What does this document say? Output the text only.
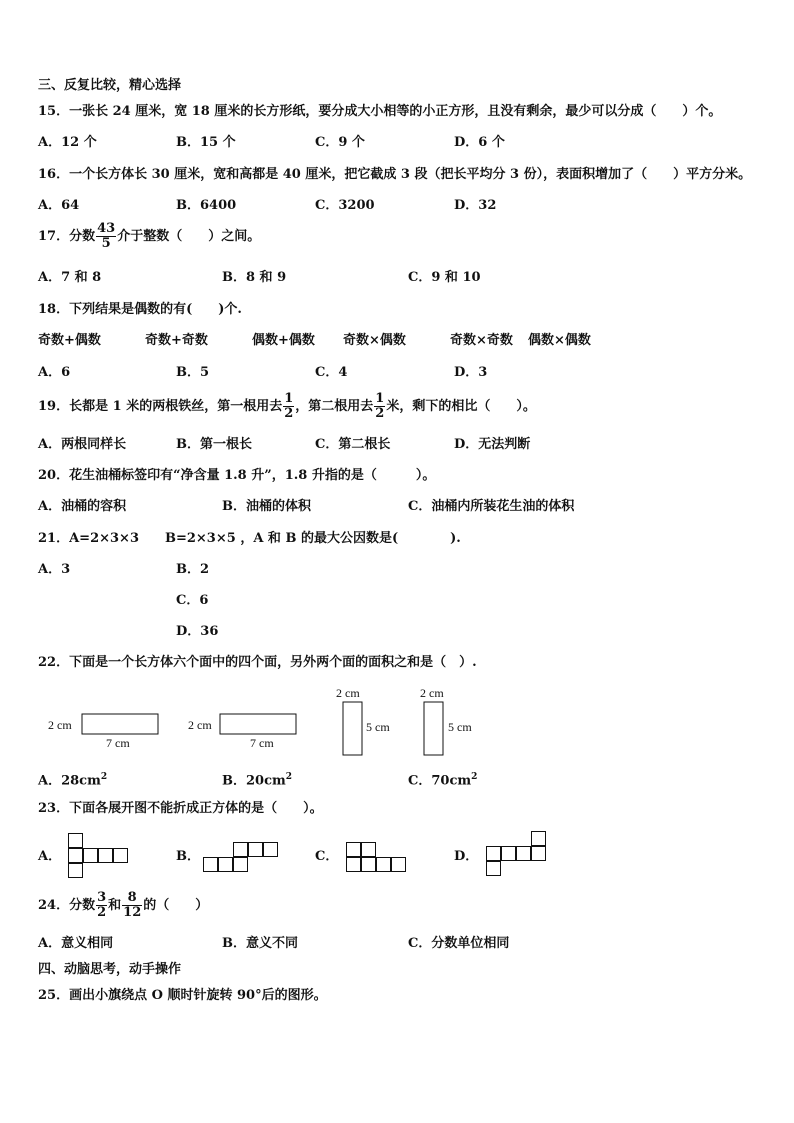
三、反复比较，精心选择
15．一张长 24 厘米，宽 18 厘米的长方形纸，要分成大小相等的小正方形，且没有剩余，最少可以分成（　　）个。
A．12 个	B．15 个	C．9 个	D．6 个
16．一个长方体长 30 厘米，宽和高都是 40 厘米，把它截成 3 段（把长平均分 3 份），表面积增加了（　　）平方分米。
A．64	B．6400	C．3200	D．32
17．分数 $\frac{43}{5}$ 介于整数（　　）之间。
A．7 和 8	B．8 和 9	C．9 和 10
18．下列结果是偶数的有(　　)个.
奇数+偶数	奇数+奇数	偶数+偶数 奇数×偶数	奇数×奇数 偶数×偶数
A．6	B．5	C．4	D．3
19．长都是 1 米的两根铁丝，第一根用去 $\frac{1}{2}$ ，第二根用去 $\frac{1}{2}$ 米，剩下的相比（　　）。
A．两根同样长	B．第一根长	C．第二根长	D．无法判断
20．花生油桶标签印有“净含量 1.8 升”，1.8 升指的是（　　　）。
A．油桶的容积	B．油桶的体积	C．油桶内所装花生油的体积
21．A=2×3×3　　B=2×3×5 ，A 和 B 的最大公因数是(　　　　).
A．3	B．2
C．6
D．36
22．下面是一个长方体六个面中的四个面，另外两个面的面积之和是（　）.
2 cm
7 cm
2 cm
7 cm
2 cm
5 cm
2 cm
5 cm
A．$28cm^2$	B．$20cm^2$	C．$70cm^2$
23．下面各展开图不能折成正方体的是（　　）。
A．	B．	C．	D．
24．分数 $\frac{3}{2}$ 和 $\frac{8}{12}$ 的（　　）
A．意义相同	B．意义不同	C．分数单位相同
四、动脑思考，动手操作
25．画出小旗绕点 O 顺时针旋转 90°后的图形。
